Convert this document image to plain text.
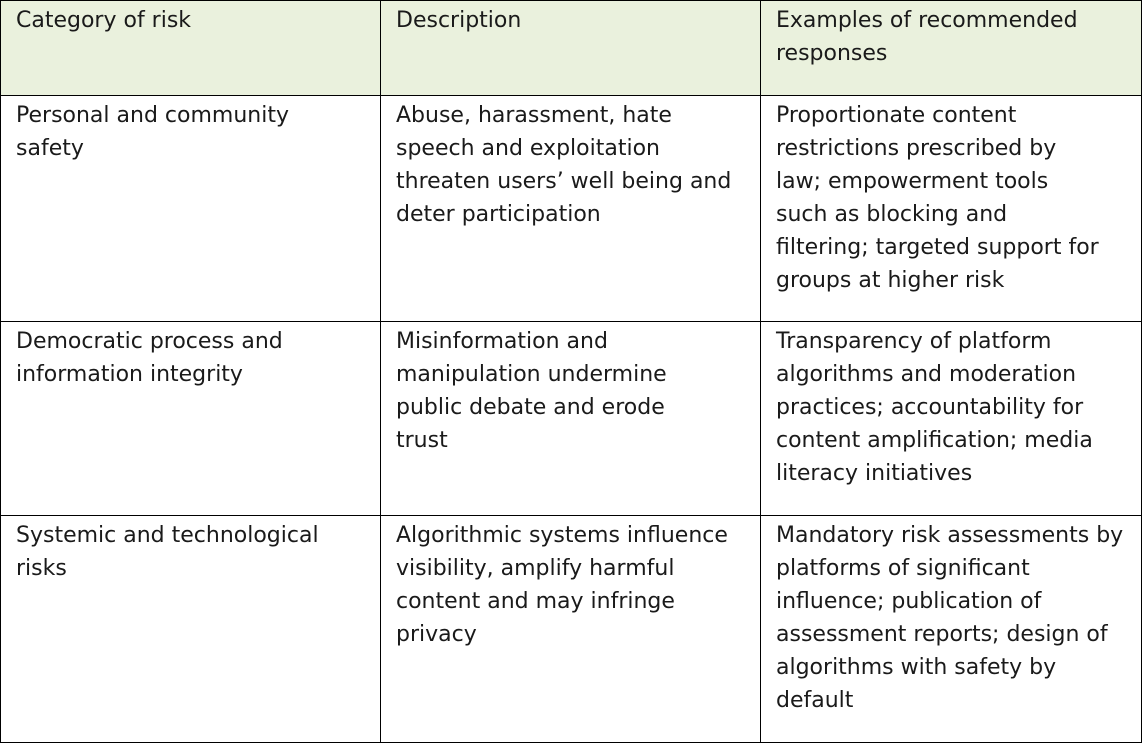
Category of risk	Description	Examples of recommended responses
Personal and community safety	Abuse, harassment, hate speech and exploitation threaten users’ well being and deter participation	Proportionate content restrictions prescribed by law; empowerment tools such as blocking and filtering; targeted support for groups at higher risk
Democratic process and information integrity	Misinformation and manipulation undermine public debate and erode trust	Transparency of platform algorithms and moderation practices; accountability for content amplification; media literacy initiatives
Systemic and technological risks	Algorithmic systems influence visibility, amplify harmful content and may infringe privacy	Mandatory risk assessments by platforms of significant influence; publication of assessment reports; design of algorithms with safety by default
